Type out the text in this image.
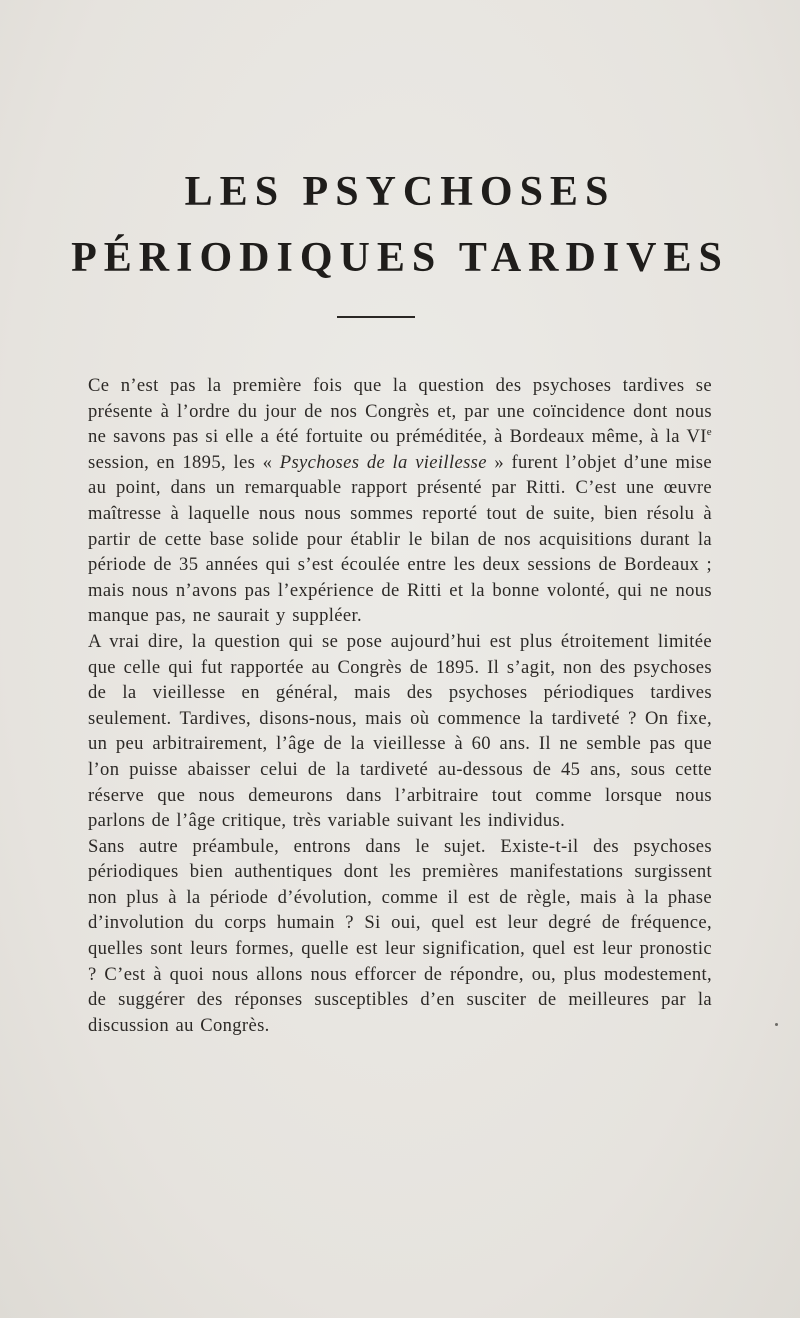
LES PSYCHOSES
PÉRIODIQUES TARDIVES

Ce n’est pas la première fois que la question des psychoses tardives se présente à l’ordre du jour de nos Congrès et, par une coïncidence dont nous ne savons pas si elle a été fortuite ou préméditée, à Bordeaux même, à la VIe session, en 1895, les « Psychoses de la vieillesse » furent l’objet d’une mise au point, dans un remarquable rapport présenté par Ritti. C’est une œuvre maîtresse à laquelle nous nous sommes reporté tout de suite, bien résolu à partir de cette base solide pour établir le bilan de nos acquisitions durant la période de 35 années qui s’est écoulée entre les deux sessions de Bordeaux ; mais nous n’avons pas l’expérience de Ritti et la bonne volonté, qui ne nous manque pas, ne saurait y suppléer.

A vrai dire, la question qui se pose aujourd’hui est plus étroitement limitée que celle qui fut rapportée au Congrès de 1895. Il s’agit, non des psychoses de la vieillesse en général, mais des psychoses périodiques tardives seulement. Tardives, disons-nous, mais où commence la tardiveté ? On fixe, un peu arbitrairement, l’âge de la vieillesse à 60 ans. Il ne semble pas que l’on puisse abaisser celui de la tardiveté au-dessous de 45 ans, sous cette réserve que nous demeurons dans l’arbitraire tout comme lorsque nous parlons de l’âge critique, très variable suivant les individus.

Sans autre préambule, entrons dans le sujet. Existe-t-il des psychoses périodiques bien authentiques dont les premières manifestations surgissent non plus à la période d’évolution, comme il est de règle, mais à la phase d’involution du corps humain ? Si oui, quel est leur degré de fréquence, quelles sont leurs formes, quelle est leur signification, quel est leur pronostic ? C’est à quoi nous allons nous efforcer de répondre, ou, plus modestement, de suggérer des réponses susceptibles d’en susciter de meilleures par la discussion au Congrès.
